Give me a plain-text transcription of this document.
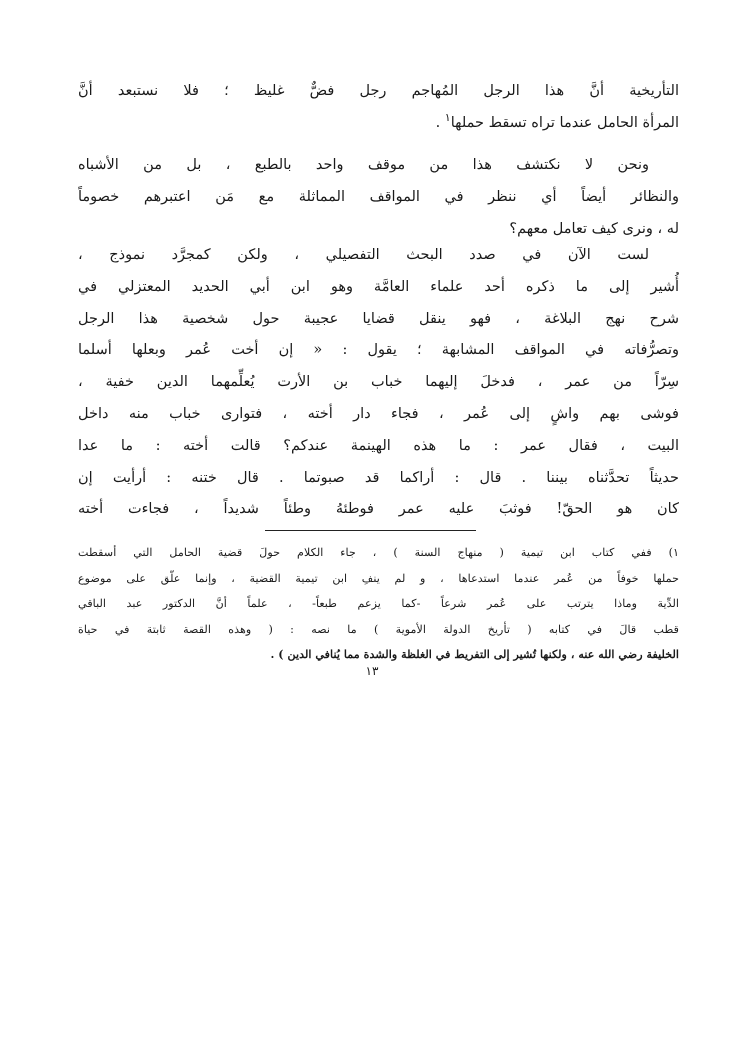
التأريخية أنَّ هذا الرجل المُهاجم رجل فضٌّ غليظ ؛ فلا نستبعد أنَّ
المرأة الحامل عندما تراه تسقط حملها$^١$ .
ونحن لا نكتشف هذا من موقف واحد بالطبع ، بل من الأشباه
والنظائر أيضاً أي ننظر في المواقف المماثلة مع مَن اعتبرهم خصوماً
له ، ونرى كيف تعامل معهم؟
لست الآن في صدد البحث التفصيلي ، ولكن كمجرَّد نموذج ،
أُشير إلى ما ذكره أحد علماء العامَّة وهو ابن أبي الحديد المعتزلي في
شرح نهج البلاغة ، فهو ينقل قضايا عجيبة حول شخصية هذا الرجل
وتصرُّفاته في المواقف المشابهة ؛ يقول : « إن أخت عُمر وبعلها أسلما
سِرّاً من عمر ، فدخلَ إليهما خباب بن الأرت يُعلِّمهما الدين خفية ،
فوشى بهم واشٍ إلى عُمر ، فجاء دار أخته ، فتوارى خباب منه داخل
البيت ، فقال عمر : ما هذه الهينمة عندكم؟ قالت أخته : ما عدا
حديثاً تحدَّثناه بيننا . قال : أراكما قد صبوتما . قال ختنه : أرأيت إن
كان هو الحقّ! فوثبَ عليه عمر فوطئهُ وطئاً شديداً ، فجاءت أخته
١) ففي كتاب ابن تيمية ( منهاج السنة ) ، جاء الكلام حولَ قضية الحامل التي أسقطت
حملها خوفاً من عُمر عندما استدعاها ، و لم ينفِ ابن تيمية القضية ، وإنما علّق على موضوع
الدِّية وماذا يترتب على عُمر شرعاً -كما يزعم طبعاً- ، علماً أنَّ الدكتور عبد الباقي
قطب قالَ في كتابه ( تأريخ الدولة الأموية ) ما نصه : ( وهذه القصة ثابتة في حياة
الخليفة رضي الله عنه ، ولكنها تُشير إلى التفريط في الغلظة والشدة مما يُنافي الدين ) .
١٣
